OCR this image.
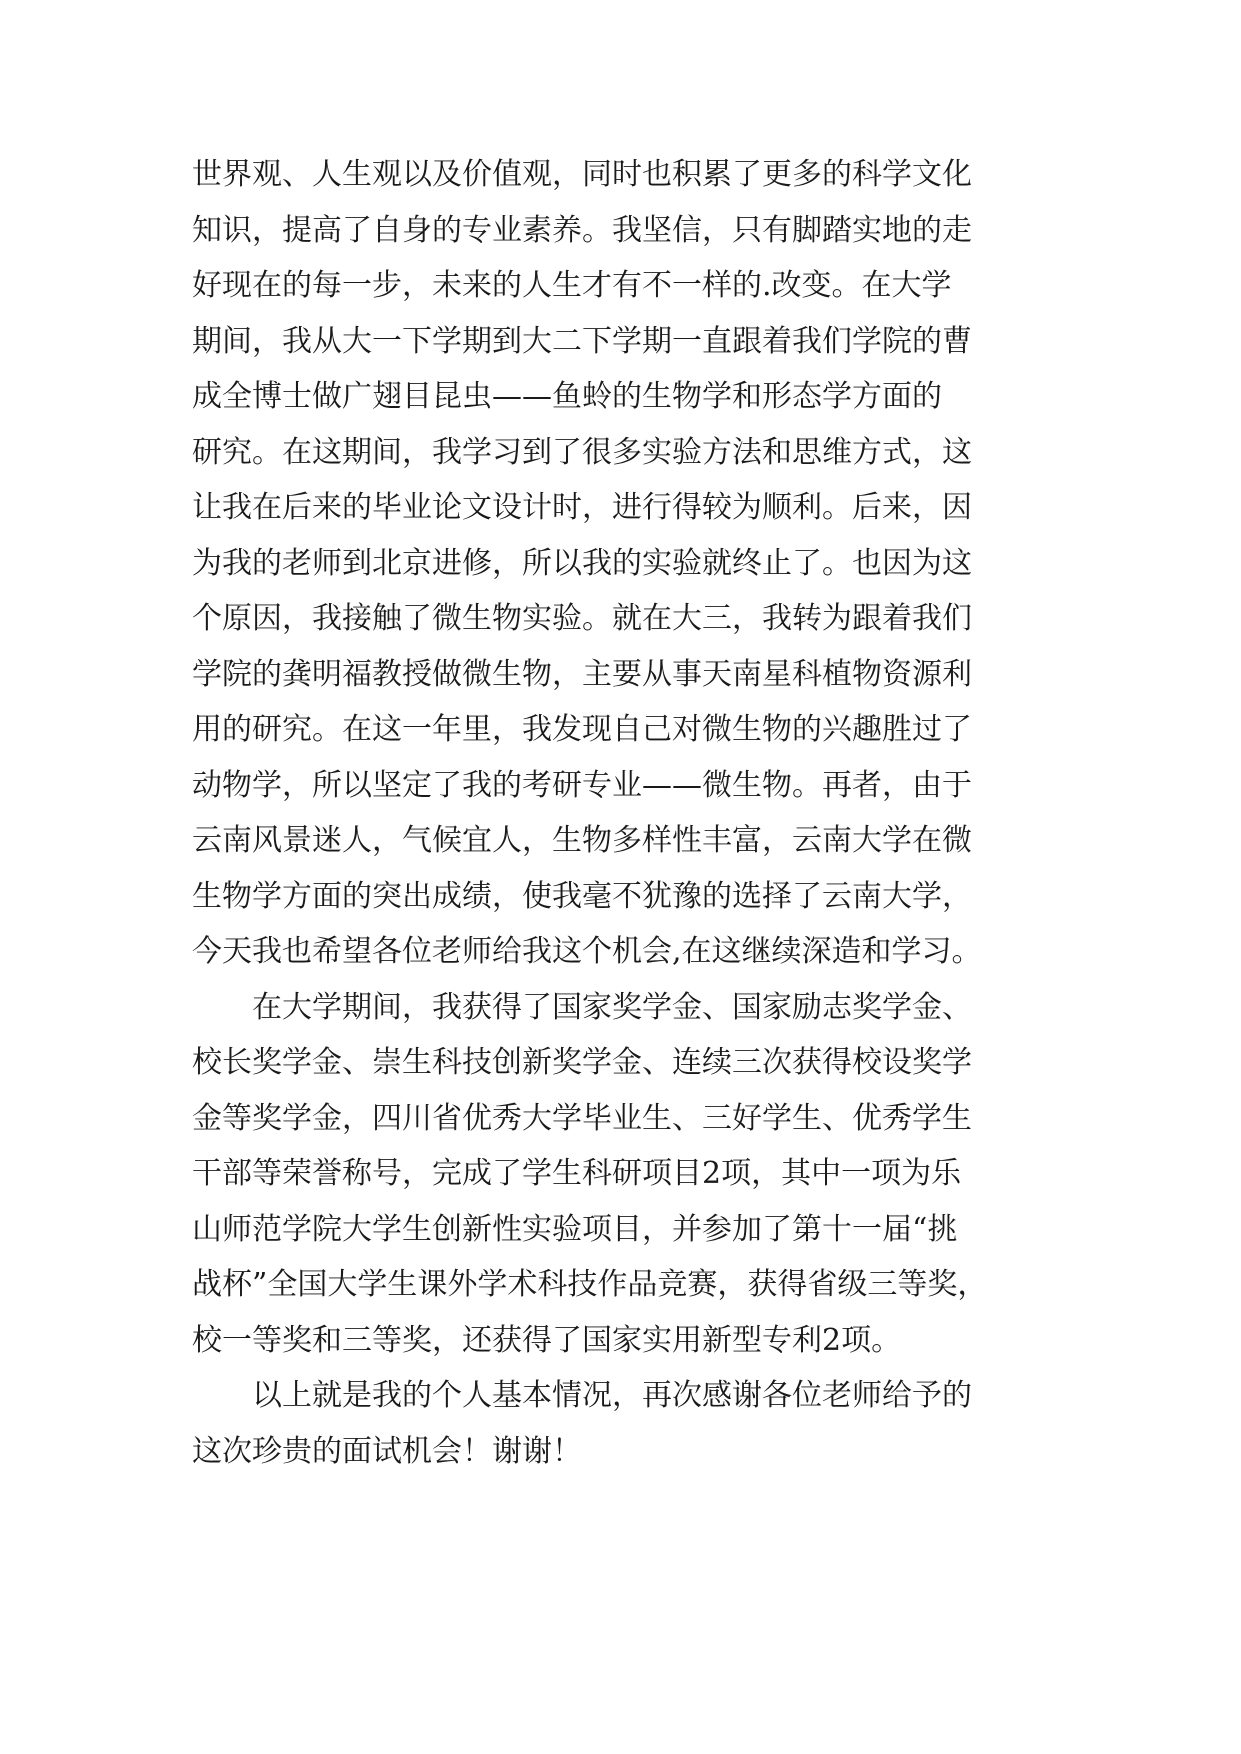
世界观、人生观以及价值观，同时也积累了更多的科学文化
知识，提高了自身的专业素养。我坚信，只有脚踏实地的走
好现在的每一步，未来的人生才有不一样的.改变。在大学
期间，我从大一下学期到大二下学期一直跟着我们学院的曹
成全博士做广翅目昆虫——鱼蛉的生物学和形态学方面的
研究。在这期间，我学习到了很多实验方法和思维方式，这
让我在后来的毕业论文设计时，进行得较为顺利。后来，因
为我的老师到北京进修，所以我的实验就终止了。也因为这
个原因，我接触了微生物实验。就在大三，我转为跟着我们
学院的龚明福教授做微生物，主要从事天南星科植物资源利
用的研究。在这一年里，我发现自己对微生物的兴趣胜过了
动物学，所以坚定了我的考研专业——微生物。再者，由于
云南风景迷人，气候宜人，生物多样性丰富，云南大学在微
生物学方面的突出成绩，使我毫不犹豫的选择了云南大学，
今天我也希望各位老师给我这个机会,在这继续深造和学习。
在大学期间，我获得了国家奖学金、国家励志奖学金、
校长奖学金、崇生科技创新奖学金、连续三次获得校设奖学
金等奖学金，四川省优秀大学毕业生、三好学生、优秀学生
干部等荣誉称号，完成了学生科研项目2项，其中一项为乐
山师范学院大学生创新性实验项目，并参加了第十一届“挑
战杯”全国大学生课外学术科技作品竞赛，获得省级三等奖，
校一等奖和三等奖，还获得了国家实用新型专利2项。
以上就是我的个人基本情况，再次感谢各位老师给予的
这次珍贵的面试机会！谢谢！
